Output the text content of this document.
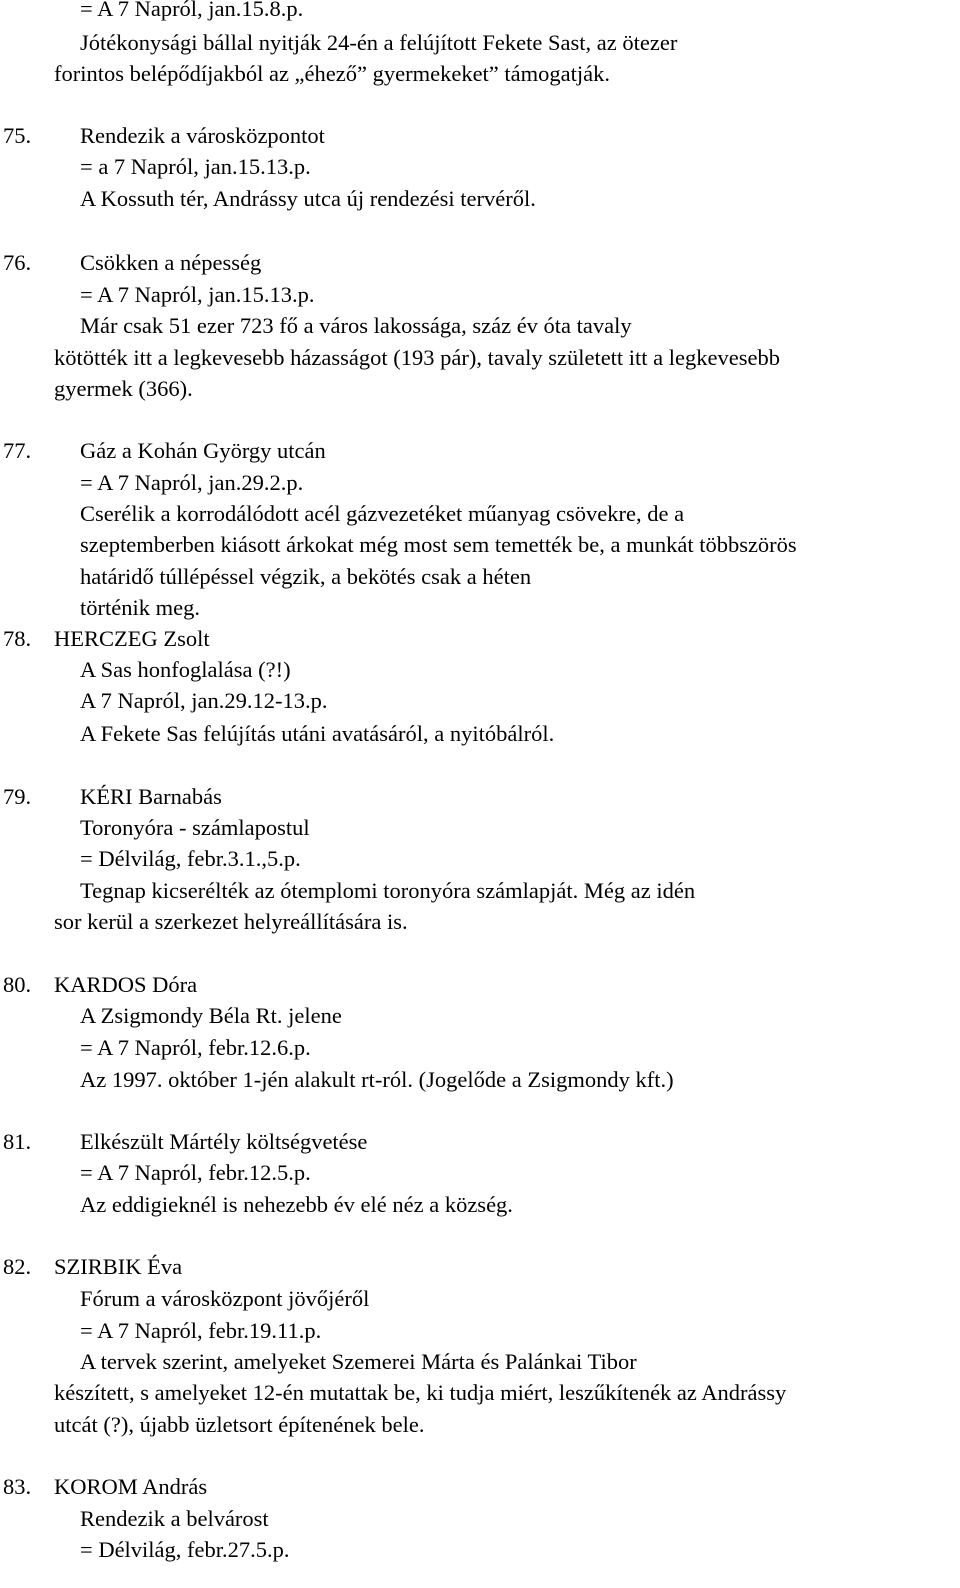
= A 7 Napról, jan.15.8.p.
Jótékonysági bállal nyitják 24-én a felújított Fekete Sast, az ötezer
forintos belépődíjakból az „éhező” gyermekeket” támogatják.
75. Rendezik a városközpontot
= a 7 Napról, jan.15.13.p.
A Kossuth tér, Andrássy utca új rendezési tervéről.
76. Csökken a népesség
= A 7 Napról, jan.15.13.p.
Már csak 51 ezer 723 fő a város lakossága, száz év óta tavaly
kötötték itt a legkevesebb házasságot (193 pár), tavaly született itt a legkevesebb
gyermek (366).
77. Gáz a Kohán György utcán
= A 7 Napról, jan.29.2.p.
Cserélik a korrodálódott acél gázvezetéket műanyag csövekre, de a
szeptemberben kiásott árkokat még most sem temették be, a munkát többszörös
határidő túllépéssel végzik, a bekötés csak a héten
történik meg.
78. HERCZEG Zsolt
A Sas honfoglalása (?!)
A 7 Napról, jan.29.12-13.p.
A Fekete Sas felújítás utáni avatásáról, a nyitóbálról.
79. KÉRI Barnabás
Toronyóra - számlapostul
= Délvilág, febr.3.1.,5.p.
Tegnap kicserélték az ótemplomi toronyóra számlapját. Még az idén
sor kerül a szerkezet helyreállítására is.
80. KARDOS Dóra
A Zsigmondy Béla Rt. jelene
= A 7 Napról, febr.12.6.p.
Az 1997. október 1-jén alakult rt-ról. (Jogelőde a Zsigmondy kft.)
81. Elkészült Mártély költségvetése
= A 7 Napról, febr.12.5.p.
Az eddigieknél is nehezebb év elé néz a község.
82. SZIRBIK Éva
Fórum a városközpont jövőjéről
= A 7 Napról, febr.19.11.p.
A tervek szerint, amelyeket Szemerei Márta és Palánkai Tibor
készített, s amelyeket 12-én mutattak be, ki tudja miért, leszűkítenék az Andrássy
utcát (?), újabb üzletsort építenének bele.
83. KOROM András
Rendezik a belvárost
= Délvilág, febr.27.5.p.
